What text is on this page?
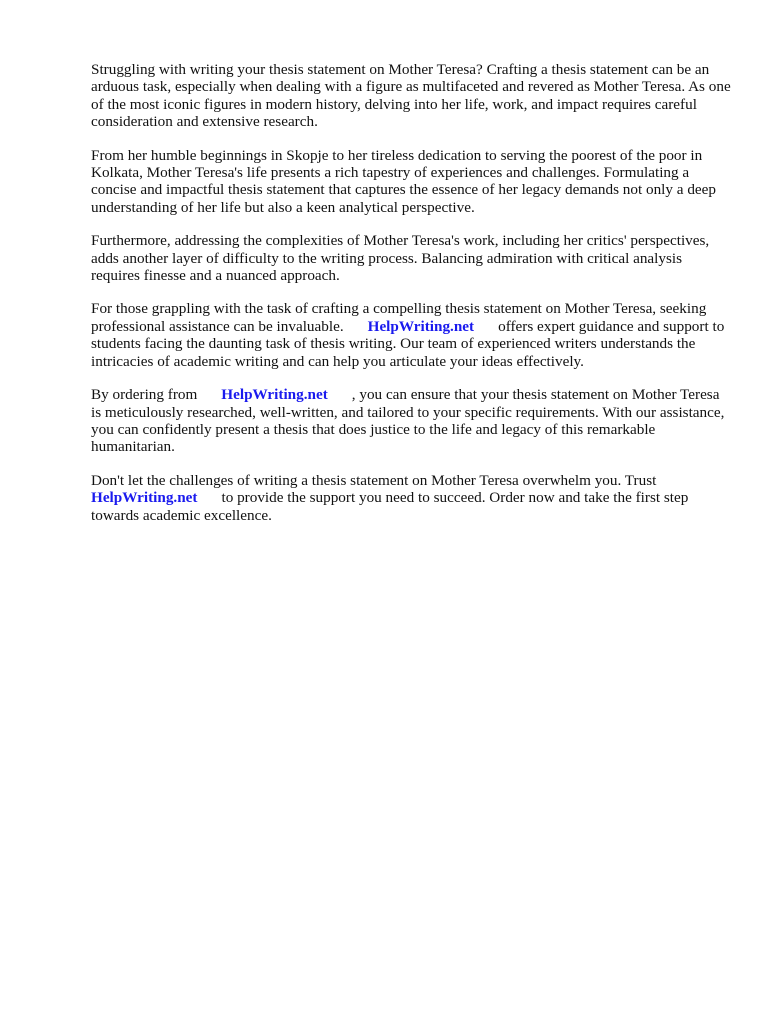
Struggling with writing your thesis statement on Mother Teresa? Crafting a thesis statement can be an arduous task, especially when dealing with a figure as multifaceted and revered as Mother Teresa. As one of the most iconic figures in modern history, delving into her life, work, and impact requires careful consideration and extensive research.

From her humble beginnings in Skopje to her tireless dedication to serving the poorest of the poor in Kolkata, Mother Teresa's life presents a rich tapestry of experiences and challenges. Formulating a concise and impactful thesis statement that captures the essence of her legacy demands not only a deep understanding of her life but also a keen analytical perspective.

Furthermore, addressing the complexities of Mother Teresa's work, including her critics' perspectives, adds another layer of difficulty to the writing process. Balancing admiration with critical analysis requires finesse and a nuanced approach.

For those grappling with the task of crafting a compelling thesis statement on Mother Teresa, seeking professional assistance can be invaluable. HelpWriting.net offers expert guidance and support to students facing the daunting task of thesis writing. Our team of experienced writers understands the intricacies of academic writing and can help you articulate your ideas effectively.

By ordering from HelpWriting.net , you can ensure that your thesis statement on Mother Teresa is meticulously researched, well-written, and tailored to your specific requirements. With our assistance, you can confidently present a thesis that does justice to the life and legacy of this remarkable humanitarian.

Don't let the challenges of writing a thesis statement on Mother Teresa overwhelm you. Trust HelpWriting.net to provide the support you need to succeed. Order now and take the first step towards academic excellence.
